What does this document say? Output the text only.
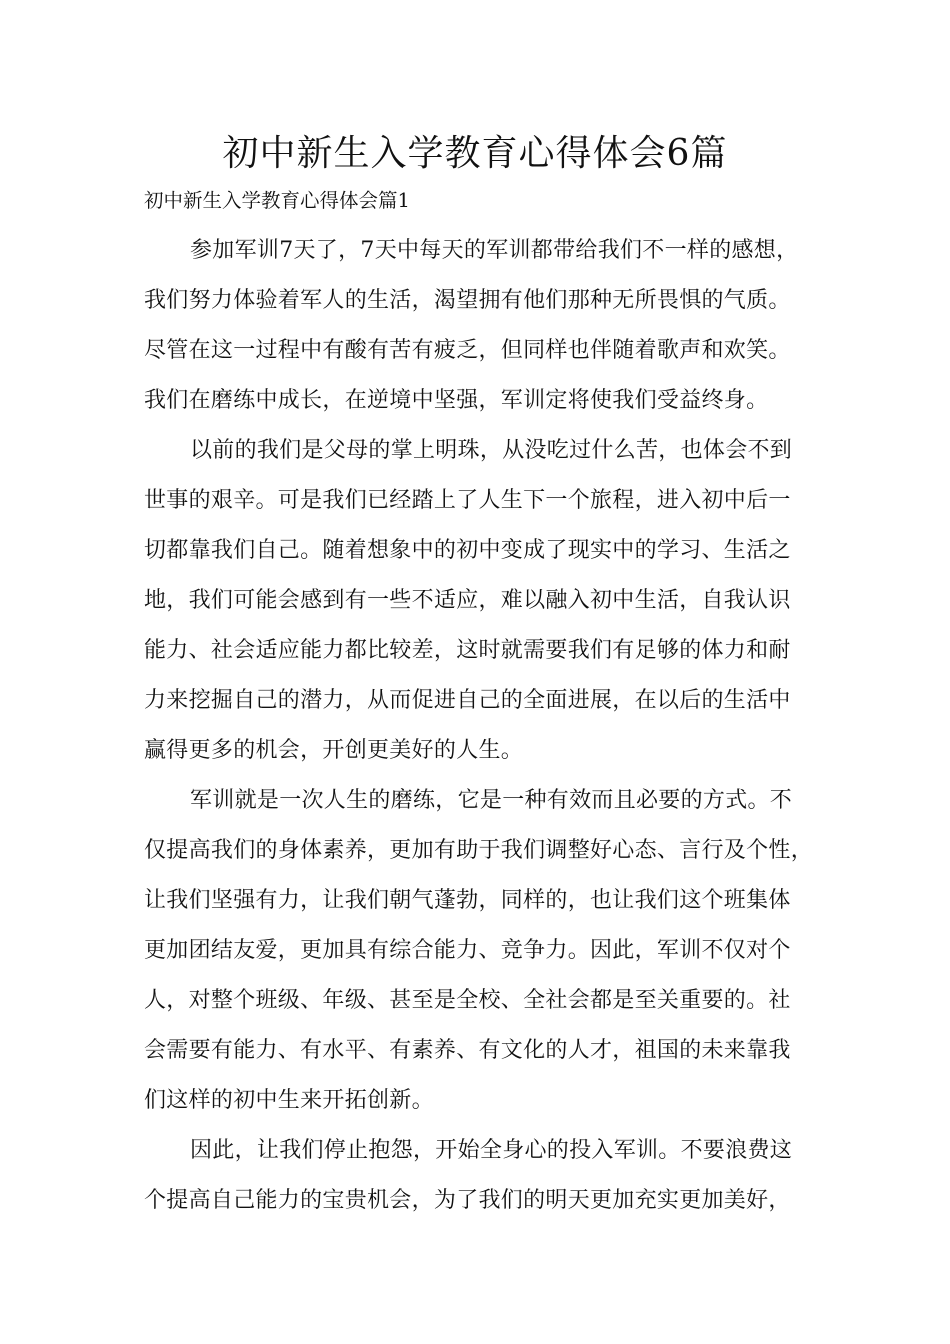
初中新生入学教育心得体会6篇
初中新生入学教育心得体会篇1
参加军训7天了，7天中每天的军训都带给我们不一样的感想，
我们努力体验着军人的生活，渴望拥有他们那种无所畏惧的气质。
尽管在这一过程中有酸有苦有疲乏，但同样也伴随着歌声和欢笑。
我们在磨练中成长，在逆境中坚强，军训定将使我们受益终身。
以前的我们是父母的掌上明珠，从没吃过什么苦，也体会不到
世事的艰辛。可是我们已经踏上了人生下一个旅程，进入初中后一
切都靠我们自己。随着想象中的初中变成了现实中的学习、生活之
地，我们可能会感到有一些不适应，难以融入初中生活，自我认识
能力、社会适应能力都比较差，这时就需要我们有足够的体力和耐
力来挖掘自己的潜力，从而促进自己的全面进展，在以后的生活中
赢得更多的机会，开创更美好的人生。
军训就是一次人生的磨练，它是一种有效而且必要的方式。不
仅提高我们的身体素养，更加有助于我们调整好心态、言行及个性，
让我们坚强有力，让我们朝气蓬勃，同样的，也让我们这个班集体
更加团结友爱，更加具有综合能力、竞争力。因此，军训不仅对个
人，对整个班级、年级、甚至是全校、全社会都是至关重要的。社
会需要有能力、有水平、有素养、有文化的人才，祖国的未来靠我
们这样的初中生来开拓创新。
因此，让我们停止抱怨，开始全身心的投入军训。不要浪费这
个提高自己能力的宝贵机会，为了我们的明天更加充实更加美好，
